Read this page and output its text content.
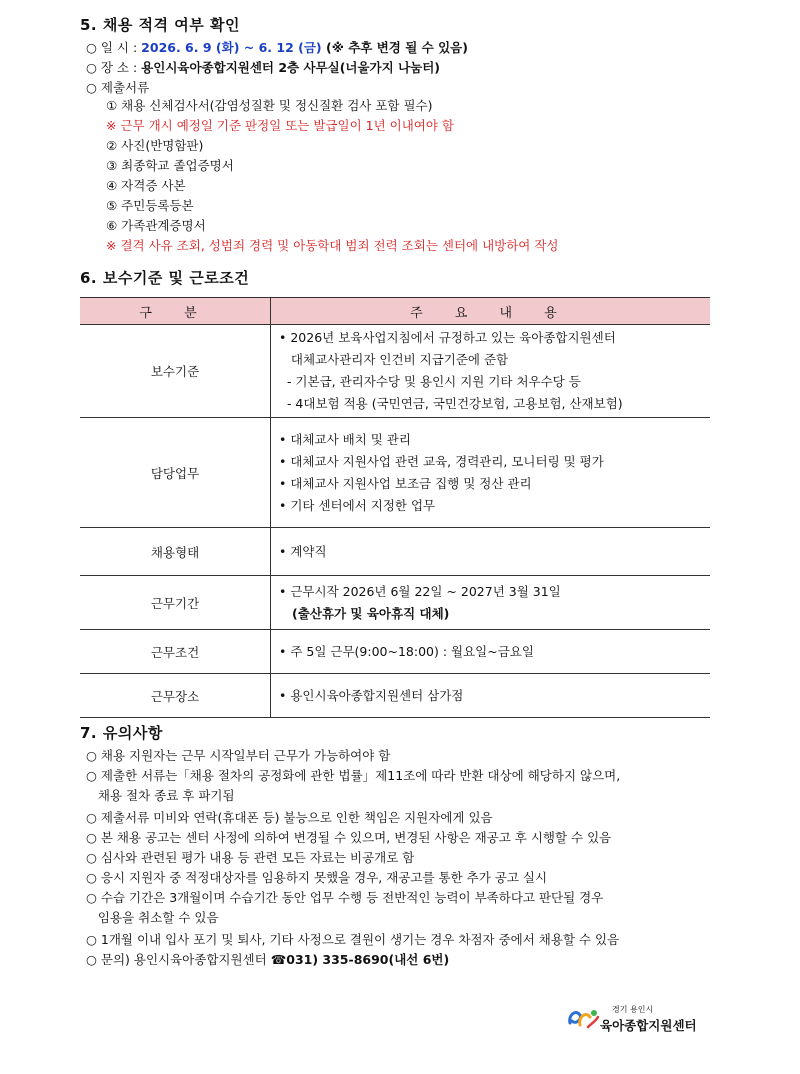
5. 채용 적격 여부 확인
○ 일 시 : 2026. 6. 9 (화) ~ 6. 12 (금) (※ 추후 변경 될 수 있음)
○ 장 소 : 용인시육아종합지원센터 2층 사무실(너울가지 나눔터)
○ 제출서류
① 채용 신체검사서(감염성질환 및 정신질환 검사 포함 필수)
※ 근무 개시 예정일 기준 판정일 또는 발급일이 1년 이내여야 함
② 사진(반명함판)
③ 최종학교 졸업증명서
④ 자격증 사본
⑤ 주민등록등본
⑥ 가족관계증명서
※ 결격 사유 조회, 성범죄 경력 및 아동학대 범죄 전력 조회는 센터에 내방하여 작성
6. 보수기준 및 근로조건
구 분	주 요 내 용
보수기준	• 2026년 보육사업지침에서 규정하고 있는 육아종합지원센터
대체교사관리자 인건비 지급기준에 준함
- 기본급, 관리자수당 및 용인시 지원 기타 처우수당 등
- 4대보험 적용 (국민연금, 국민건강보험, 고용보험, 산재보험)

담당업무	• 대체교사 배치 및 관리
• 대체교사 지원사업 관련 교육, 경력관리, 모니터링 및 평가
• 대체교사 지원사업 보조금 집행 및 정산 관리
• 기타 센터에서 지정한 업무

채용형태	• 계약직

근무기간	• 근무시작 2026년 6월 22일 ~ 2027년 3월 31일
(출산휴가 및 육아휴직 대체)

근무조건	• 주 5일 근무(9:00~18:00) : 월요일~금요일

근무장소	• 용인시육아종합지원센터 삼가점
7. 유의사항
○ 채용 지원자는 근무 시작일부터 근무가 가능하여야 함
○ 제출한 서류는「채용 절차의 공정화에 관한 법률」제11조에 따라 반환 대상에 해당하지 않으며,
채용 절차 종료 후 파기됨
○ 제출서류 미비와 연락(휴대폰 등) 불능으로 인한 책임은 지원자에게 있음
○ 본 채용 공고는 센터 사정에 의하여 변경될 수 있으며, 변경된 사항은 재공고 후 시행할 수 있음
○ 심사와 관련된 평가 내용 등 관련 모든 자료는 비공개로 함
○ 응시 지원자 중 적정대상자를 임용하지 못했을 경우, 재공고를 통한 추가 공고 실시
○ 수습 기간은 3개월이며 수습기간 동안 업무 수행 등 전반적인 능력이 부족하다고 판단될 경우
임용을 취소할 수 있음
○ 1개월 이내 입사 포기 및 퇴사, 기타 사정으로 결원이 생기는 경우 차점자 중에서 채용할 수 있음
○ 문의) 용인시육아종합지원센터 ☎031) 335-8690(내선 6번)
경기 용인시
육아종합지원센터
